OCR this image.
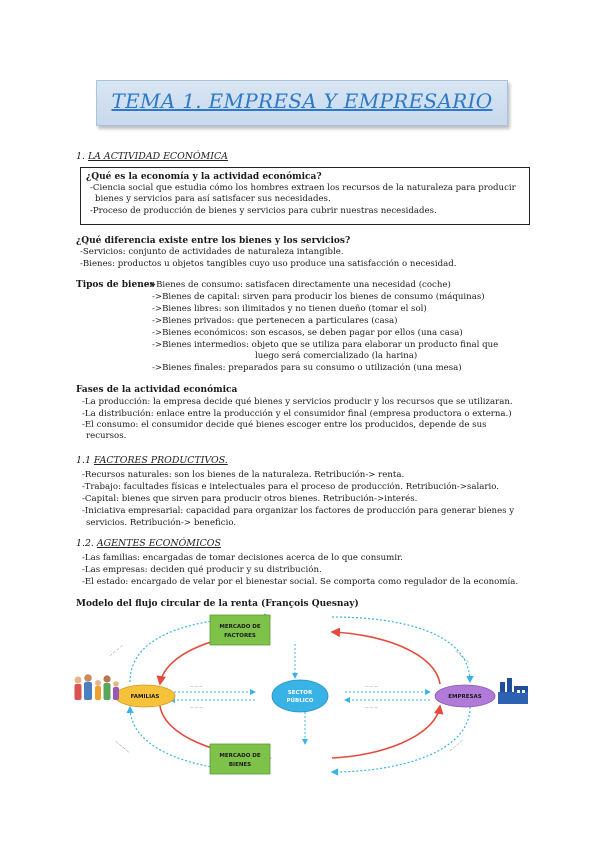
TEMA 1. EMPRESA Y EMPRESARIO
1. LA ACTIVIDAD ECONÓMICA
¿Qué es la economía y la actividad económica?
-Ciencia social que estudia cómo los hombres extraen los recursos de la naturaleza para producir
bienes y servicios para así satisfacer sus necesidades.
-Proceso de producción de bienes y servicios para cubrir nuestras necesidades.
¿Qué diferencia existe entre los bienes y los servicios?
-Servicios: conjunto de actividades de naturaleza intangible.
-Bienes: productos u objetos tangibles cuyo uso produce una satisfacción o necesidad.
Tipos de bienes
->Bienes de consumo: satisfacen directamente una necesidad (coche)
->Bienes de capital: sirven para producir los bienes de consumo (máquinas)
->Bienes libres: son ilimitados y no tienen dueño (tomar el sol)
->Bienes privados: que pertenecen a particulares (casa)
->Bienes económicos: son escasos, se deben pagar por ellos (una casa)
->Bienes intermedios: objeto que se utiliza para elaborar un producto final que
luego será comercializado (la harina)
->Bienes finales: preparados para su consumo o utilización (una mesa)
Fases de la actividad económica
-La producción: la empresa decide qué bienes y servicios producir y los recursos que se utilizaran.
-La distribución: enlace entre la producción y el consumidor final (empresa productora o externa.)
-El consumo: el consumidor decide qué bienes escoger entre los producidos, depende de sus
recursos.
1.1 FACTORES PRODUCTIVOS.
-Recursos naturales: son los bienes de la naturaleza. Retribución-> renta.
-Trabajo: facultades físicas e intelectuales para el proceso de producción. Retribución->salario.
-Capital: bienes que sirven para producir otros bienes. Retribución->interés.
-Iniciativa empresarial: capacidad para organizar los factores de producción para generar bienes y
servicios. Retribución-> beneficio.
1.2. AGENTES ECONÓMICOS
-Las familias: encargadas de tomar decisiones acerca de lo que consumir.
-Las empresas: deciden qué producir y su distribución.
-El estado: encargado de velar por el bienestar social. Se comporta como regulador de la economía.
Modelo del flujo circular de la renta (François Quesnay)
— — — —	— — — —
— — — —
— — — —
— — —
— — —
— — —
— — —
MERCADO DE
FACTORES
MERCADO DE
BIENES
FAMILIAS	EMPRESAS
SECTOR
PÚBLICO
